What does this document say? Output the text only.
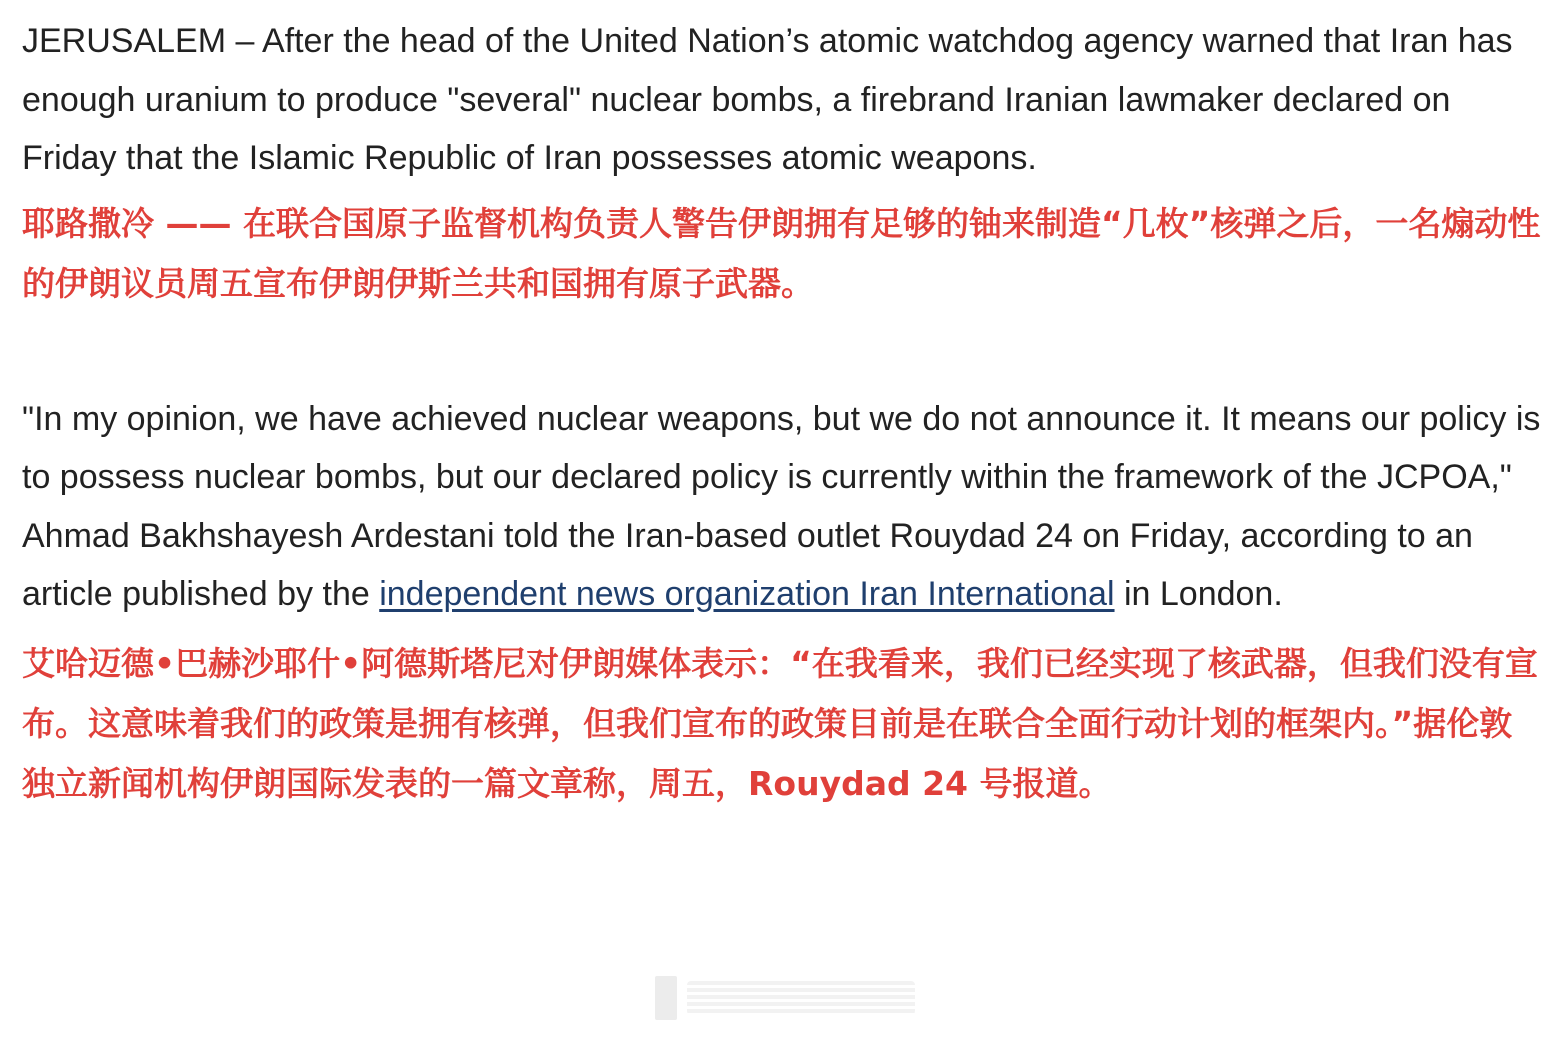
JERUSALEM – After the head of the United Nation’s atomic watchdog agency warned that Iran has enough uranium to produce "several" nuclear bombs, a firebrand Iranian lawmaker declared on Friday that the Islamic Republic of Iran possesses atomic weapons.

耶路撒冷 —— 在联合国原子监督机构负责人警告伊朗拥有足够的铀来制造“几枚”核弹之后，一名煽动性的伊朗议员周五宣布伊朗伊斯兰共和国拥有原子武器。

"In my opinion, we have achieved nuclear weapons, but we do not announce it. It means our policy is to possess nuclear bombs, but our declared policy is currently within the framework of the JCPOA," Ahmad Bakhshayesh Ardestani told the Iran-based outlet Rouydad 24 on Friday, according to an article published by the independent news organization Iran International in London.

艾哈迈德•巴赫沙耶什•阿德斯塔尼对伊朗媒体表示：“在我看来，我们已经实现了核武器，但我们没有宣布。这意味着我们的政策是拥有核弹，但我们宣布的政策目前是在联合全面行动计划的框架内。”据伦敦独立新闻机构伊朗国际发表的一篇文章称，周五，Rouydad 24 号报道。
